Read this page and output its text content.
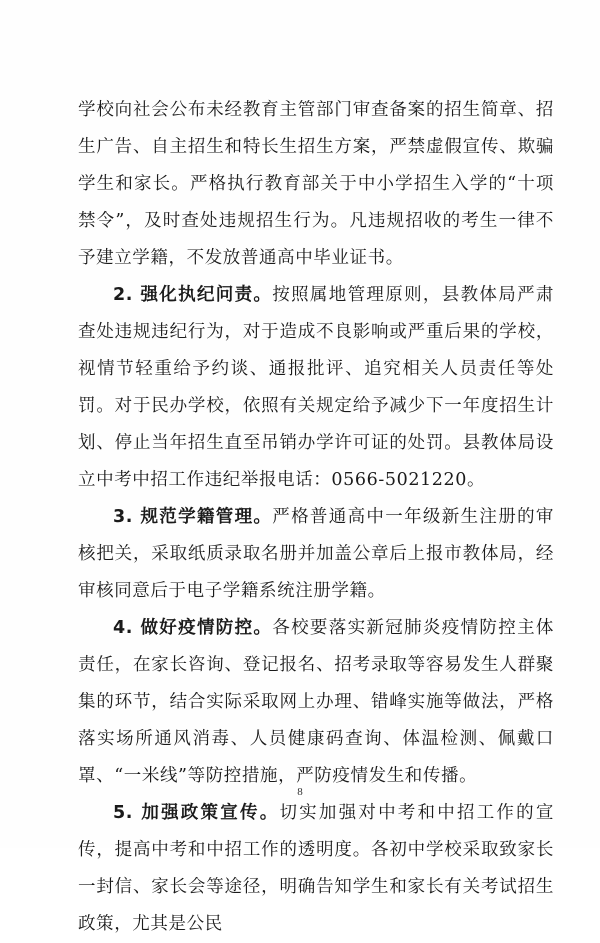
学校向社会公布未经教育主管部门审查备案的招生简章、招生广告、自主招生和特长生招生方案，严禁虚假宣传、欺骗学生和家长。严格执行教育部关于中小学招生入学的“十项禁令”，及时查处违规招生行为。凡违规招收的考生一律不予建立学籍，不发放普通高中毕业证书。

2. 强化执纪问责。按照属地管理原则，县教体局严肃查处违规违纪行为，对于造成不良影响或严重后果的学校，视情节轻重给予约谈、通报批评、追究相关人员责任等处罚。对于民办学校，依照有关规定给予减少下一年度招生计划、停止当年招生直至吊销办学许可证的处罚。县教体局设立中考中招工作违纪举报电话：0566-5021220。

3. 规范学籍管理。严格普通高中一年级新生注册的审核把关，采取纸质录取名册并加盖公章后上报市教体局，经审核同意后于电子学籍系统注册学籍。

4. 做好疫情防控。各校要落实新冠肺炎疫情防控主体责任，在家长咨询、登记报名、招考录取等容易发生人群聚集的环节，结合实际采取网上办理、错峰实施等做法，严格落实场所通风消毒、人员健康码查询、体温检测、佩戴口罩、“一米线”等防控措施，严防疫情发生和传播。

5. 加强政策宣传。切实加强对中考和中招工作的宣传，提高中考和中招工作的透明度。各初中学校采取致家长一封信、家长会等途径，明确告知学生和家长有关考试招生政策，尤其是公民

8
